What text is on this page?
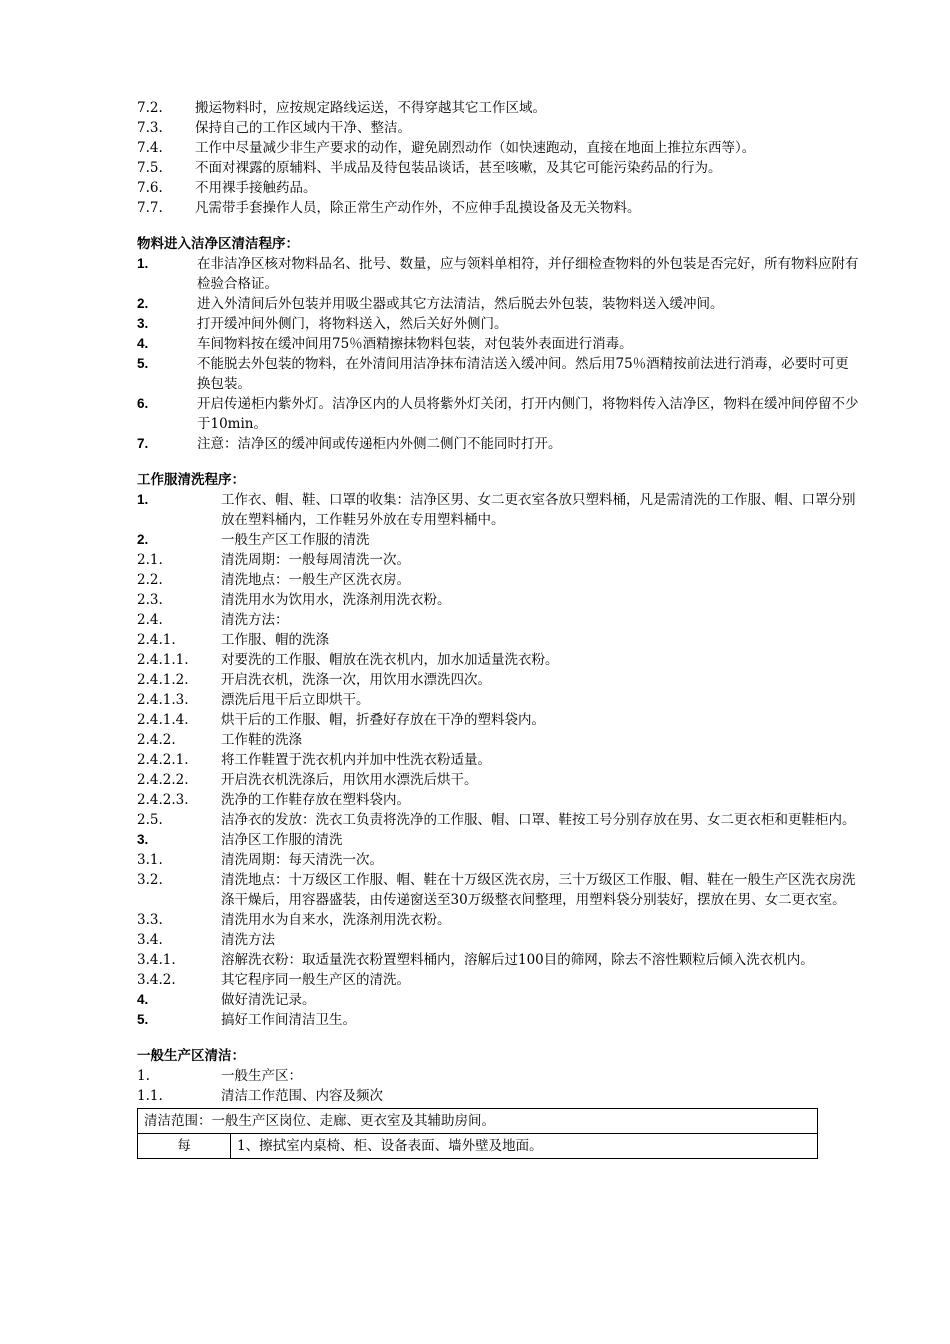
7.2.	搬运物料时，应按规定路线运送，不得穿越其它工作区域。
7.3.	保持自己的工作区域内干净、整洁。
7.4.	工作中尽量减少非生产要求的动作，避免剧烈动作（如快速跑动，直接在地面上推拉东西等）。
7.5.	不面对裸露的原辅料、半成品及待包装品谈话，甚至咳嗽，及其它可能污染药品的行为。
7.6.	不用裸手接触药品。
7.7.	凡需带手套操作人员，除正常生产动作外，不应伸手乱摸设备及无关物料。
物料进入洁净区清洁程序：
1.	在非洁净区核对物料品名、批号、数量，应与领料单相符，并仔细检查物料的外包装是否完好，所有物料应附有检验合格证。
2.	进入外清间后外包装并用吸尘器或其它方法清洁，然后脱去外包装，装物料送入缓冲间。
3.	打开缓冲间外侧门，将物料送入，然后关好外侧门。
4.	车间物料按在缓冲间用75％酒精擦抹物料包装，对包装外表面进行消毒。
5.	不能脱去外包装的物料，在外清间用洁净抹布清洁送入缓冲间。然后用75％酒精按前法进行消毒，必要时可更换包装。
6.	开启传递柜内紫外灯。洁净区内的人员将紫外灯关闭，打开内侧门，将物料传入洁净区，物料在缓冲间停留不少于10min。
7.	注意：洁净区的缓冲间或传递柜内外侧二侧门不能同时打开。
工作服清洗程序：
1.	工作衣、帽、鞋、口罩的收集：洁净区男、女二更衣室各放只塑料桶，凡是需清洗的工作服、帽、口罩分别放在塑料桶内，工作鞋另外放在专用塑料桶中。
2.	一般生产区工作服的清洗
2.1.	清洗周期：一般每周清洗一次。
2.2.	清洗地点：一般生产区洗衣房。
2.3.	清洗用水为饮用水，洗涤剂用洗衣粉。
2.4.	清洗方法：
2.4.1.	工作服、帽的洗涤
2.4.1.1.	对要洗的工作服、帽放在洗衣机内，加水加适量洗衣粉。
2.4.1.2.	开启洗衣机，洗涤一次，用饮用水漂洗四次。
2.4.1.3.	漂洗后甩干后立即烘干。
2.4.1.4.	烘干后的工作服、帽，折叠好存放在干净的塑料袋内。
2.4.2.	工作鞋的洗涤
2.4.2.1.	将工作鞋置于洗衣机内并加中性洗衣粉适量。
2.4.2.2.	开启洗衣机洗涤后，用饮用水漂洗后烘干。
2.4.2.3.	洗净的工作鞋存放在塑料袋内。
2.5.	洁净衣的发放：洗衣工负责将洗净的工作服、帽、口罩、鞋按工号分别存放在男、女二更衣柜和更鞋柜内。
3.	洁净区工作服的清洗
3.1.	清洗周期：每天清洗一次。
3.2.	清洗地点：十万级区工作服、帽、鞋在十万级区洗衣房，三十万级区工作服、帽、鞋在一般生产区洗衣房洗涤干燥后，用容器盛装，由传递窗送至30万级整衣间整理，用塑料袋分别装好，摆放在男、女二更衣室。
3.3.	清洗用水为自来水，洗涤剂用洗衣粉。
3.4.	清洗方法
3.4.1.	溶解洗衣粉：取适量洗衣粉置塑料桶内，溶解后过100目的筛网，除去不溶性颗粒后倾入洗衣机内。
3.4.2.	其它程序同一般生产区的清洗。
4.	做好清洗记录。
5.	搞好工作间清洁卫生。
一般生产区清洁：
1.	一般生产区：
1.1.	清洁工作范围、内容及频次
清洁范围：一般生产区岗位、走廊、更衣室及其辅助房间。
每	1、擦拭室内桌椅、柜、设备表面、墙外壁及地面。
